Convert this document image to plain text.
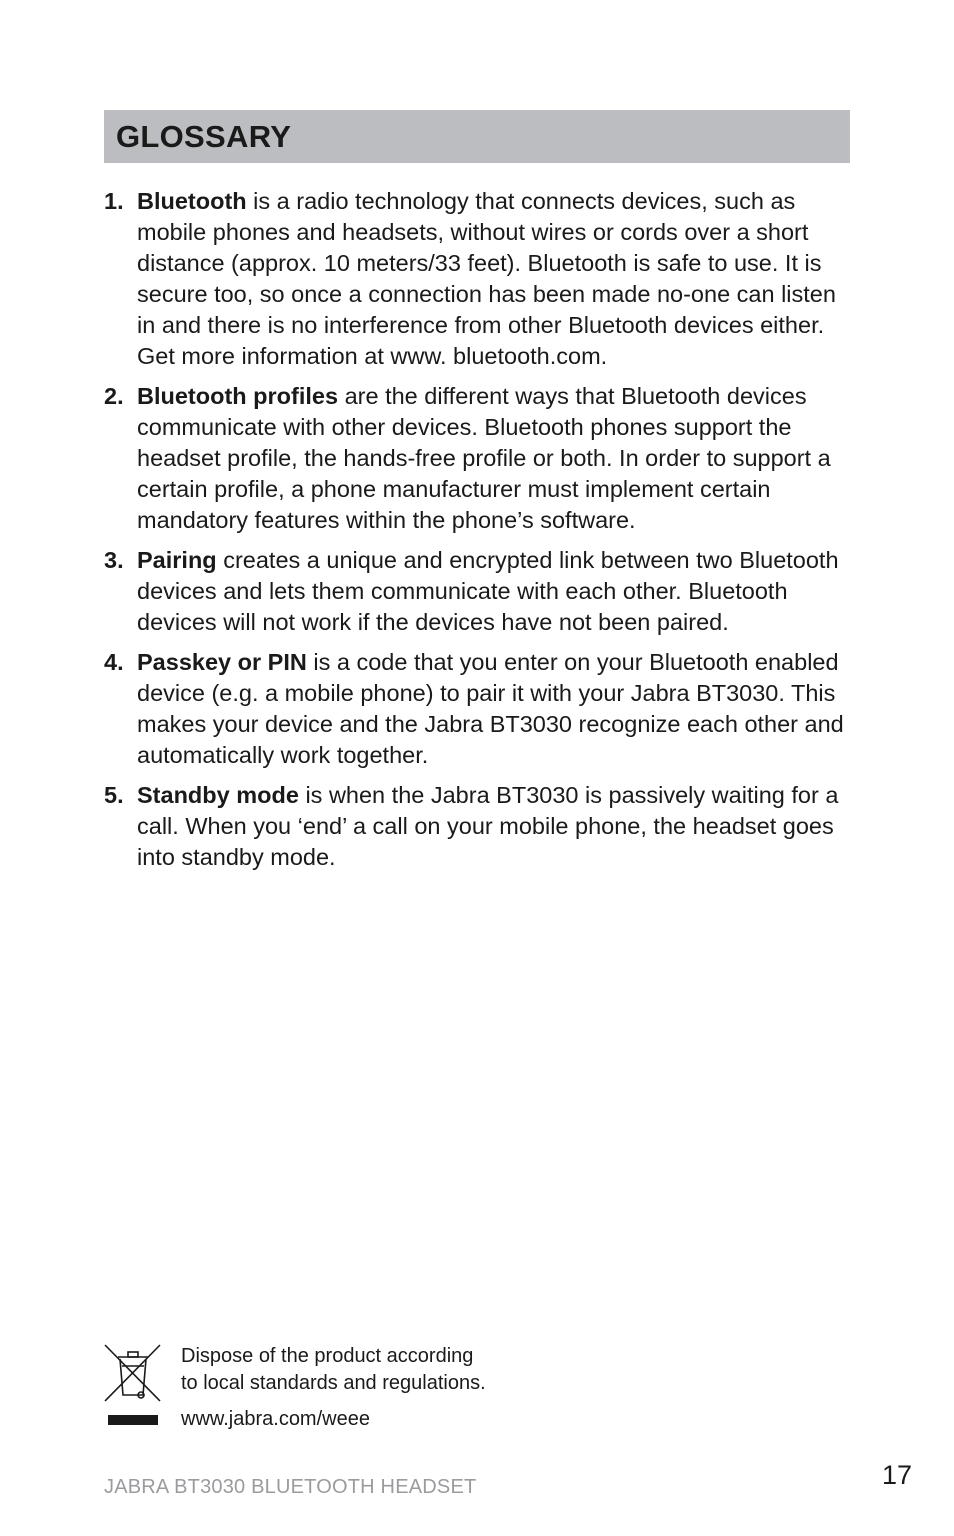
GLOSSARY
1. Bluetooth is a radio technology that connects devices, such as mobile phones and headsets, without wires or cords over a short distance (approx. 10 meters/33 feet). Bluetooth is safe to use. It is secure too, so once a connection has been made no-one can listen in and there is no interference from other Bluetooth devices either. Get more information at www. bluetooth.com.
2. Bluetooth profiles are the different ways that Bluetooth devices communicate with other devices. Bluetooth phones support the headset profile, the hands-free profile or both. In order to support a certain profile, a phone manufacturer must implement certain mandatory features within the phone’s software.
3. Pairing creates a unique and encrypted link between two Bluetooth devices and lets them communicate with each other. Bluetooth devices will not work if the devices have not been paired.
4. Passkey or PIN is a code that you enter on your Bluetooth enabled device (e.g. a mobile phone) to pair it with your Jabra BT3030. This makes your device and the Jabra BT3030 recognize each other and automatically work together.
5. Standby mode is when the Jabra BT3030 is passively waiting for a call. When you ‘end’ a call on your mobile phone, the headset goes into standby mode.
Dispose of the product according
to local standards and regulations.
www.jabra.com/weee
17
JABRA BT3030 BLUETOOTH HEADSET
